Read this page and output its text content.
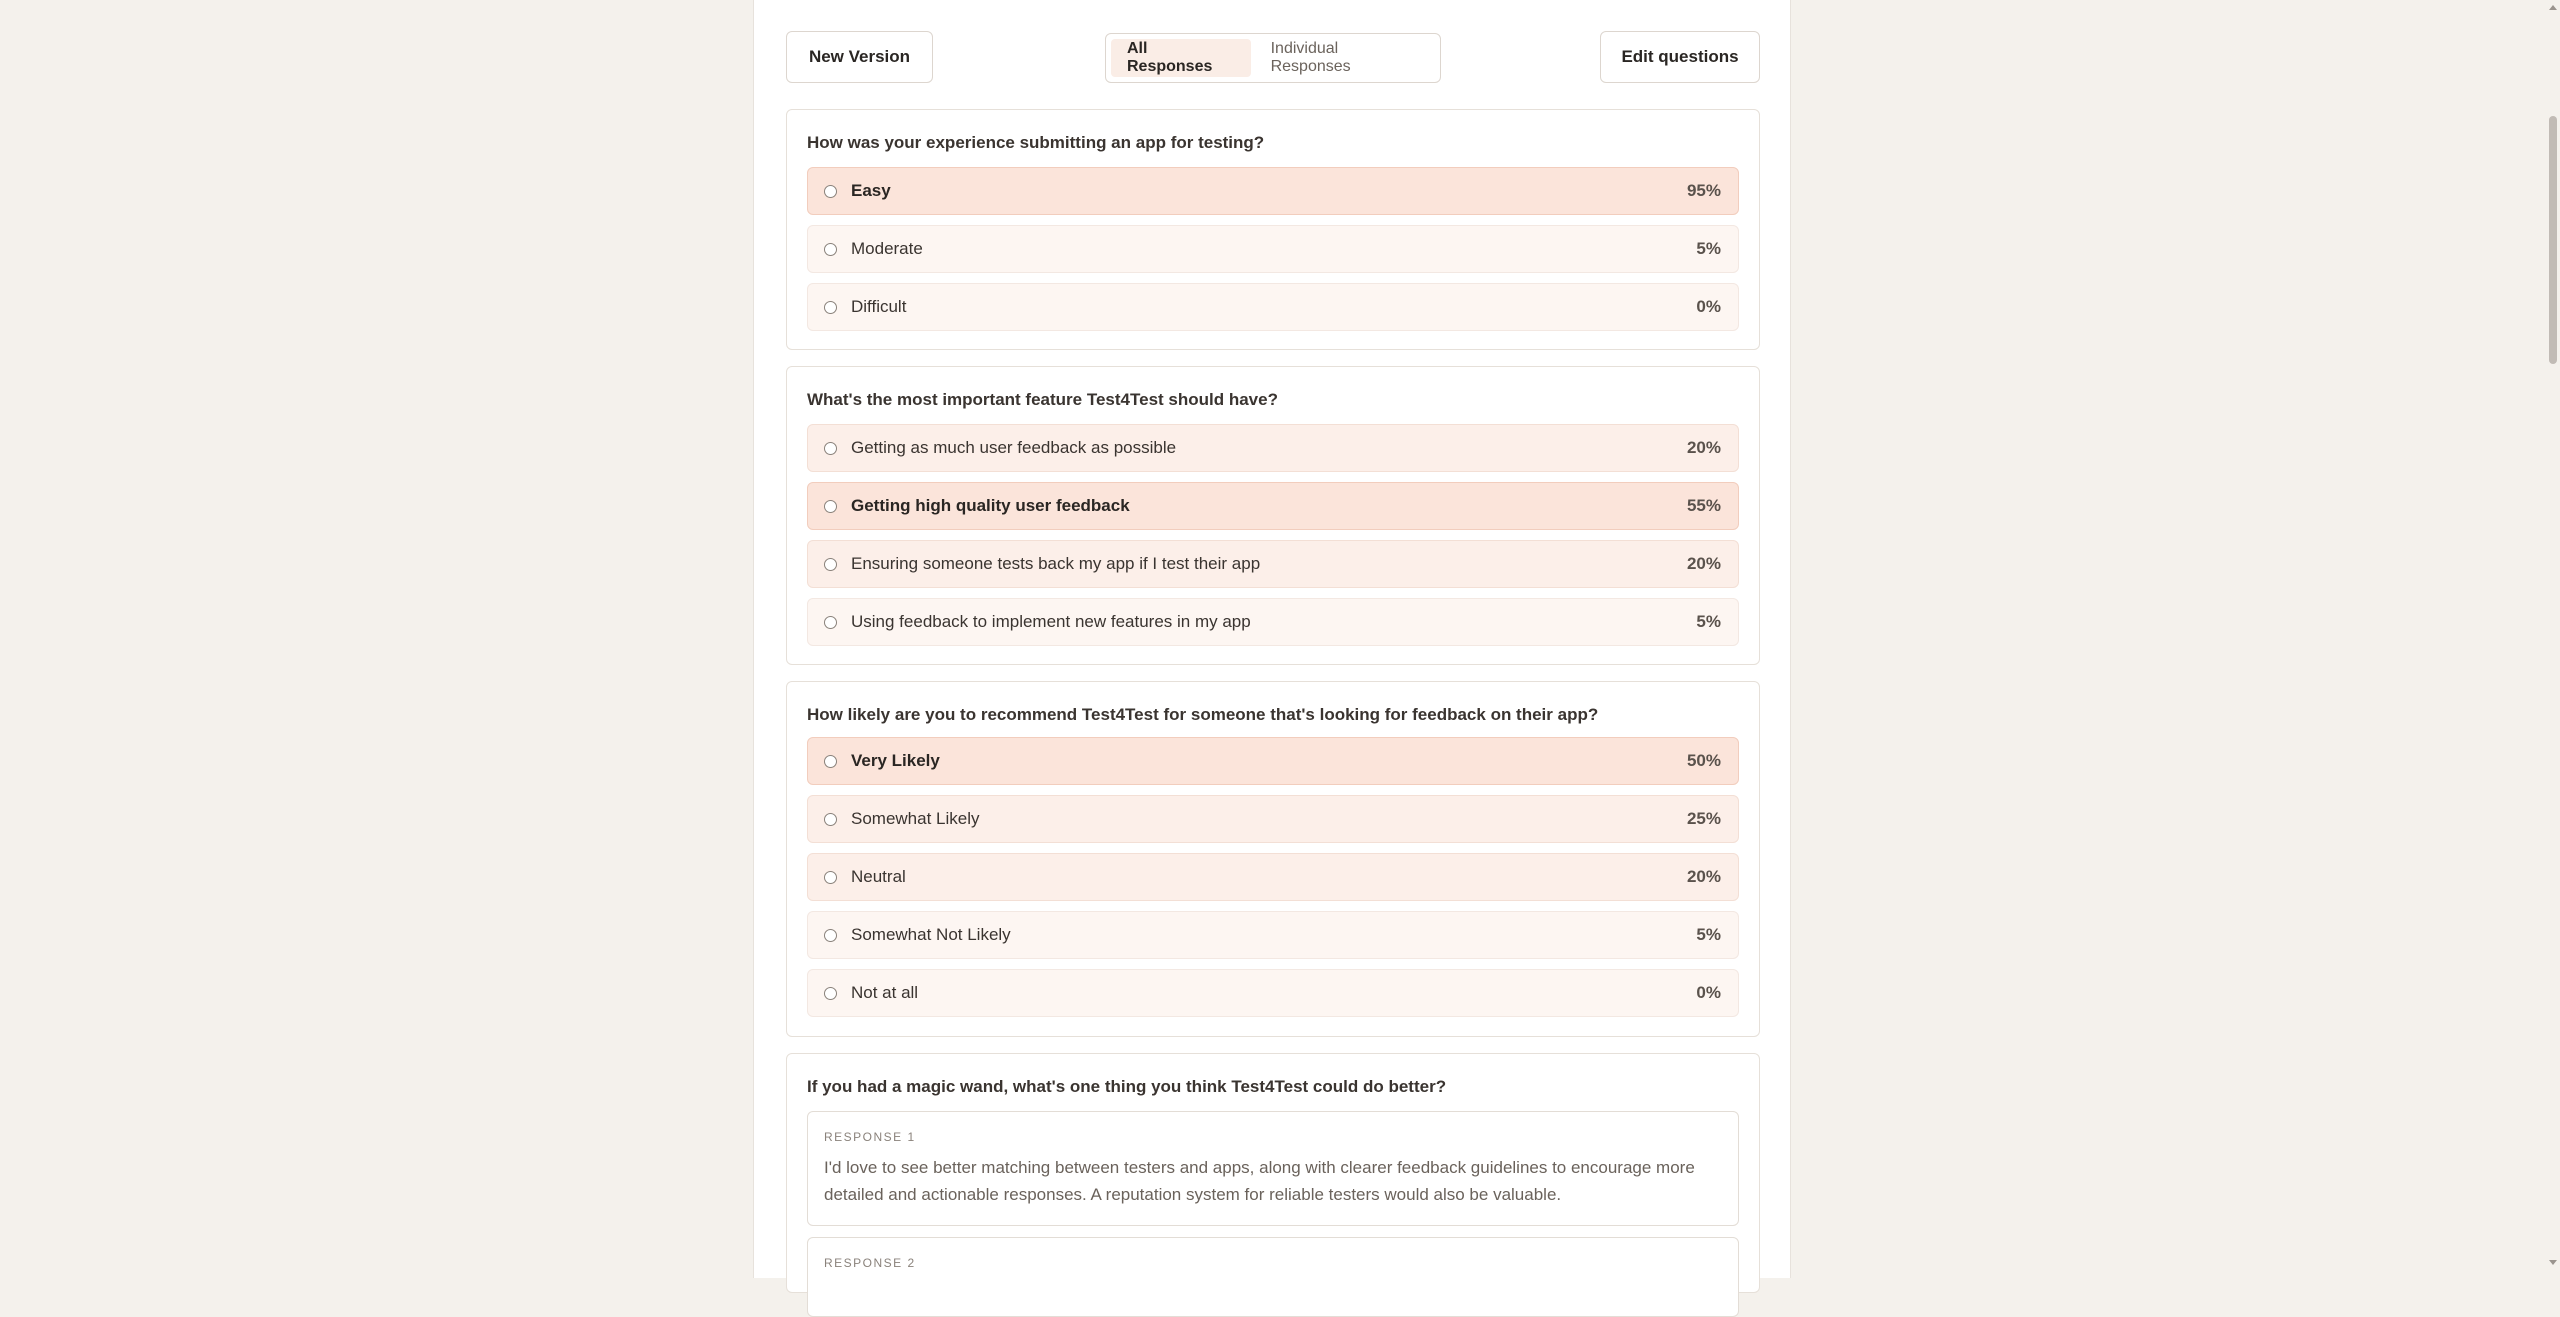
New Version	All Responses
Individual Responses
Edit questions
How was your experience submitting an app for testing?
Easy	95%
Moderate	5%
Difficult	0%
What's the most important feature Test4Test should have?
Getting as much user feedback as possible	20%
Getting high quality user feedback	55%
Ensuring someone tests back my app if I test their app	20%
Using feedback to implement new features in my app	5%
How likely are you to recommend Test4Test for someone that's looking for feedback on their app?
Very Likely	50%
Somewhat Likely	25%
Neutral	20%
Somewhat Not Likely	5%
Not at all	0%
If you had a magic wand, what's one thing you think Test4Test could do better?
RESPONSE 1
I'd love to see better matching between testers and apps, along with clearer feedback guidelines to encourage more detailed and actionable responses. A reputation system for reliable testers would also be valuable.
RESPONSE 2
